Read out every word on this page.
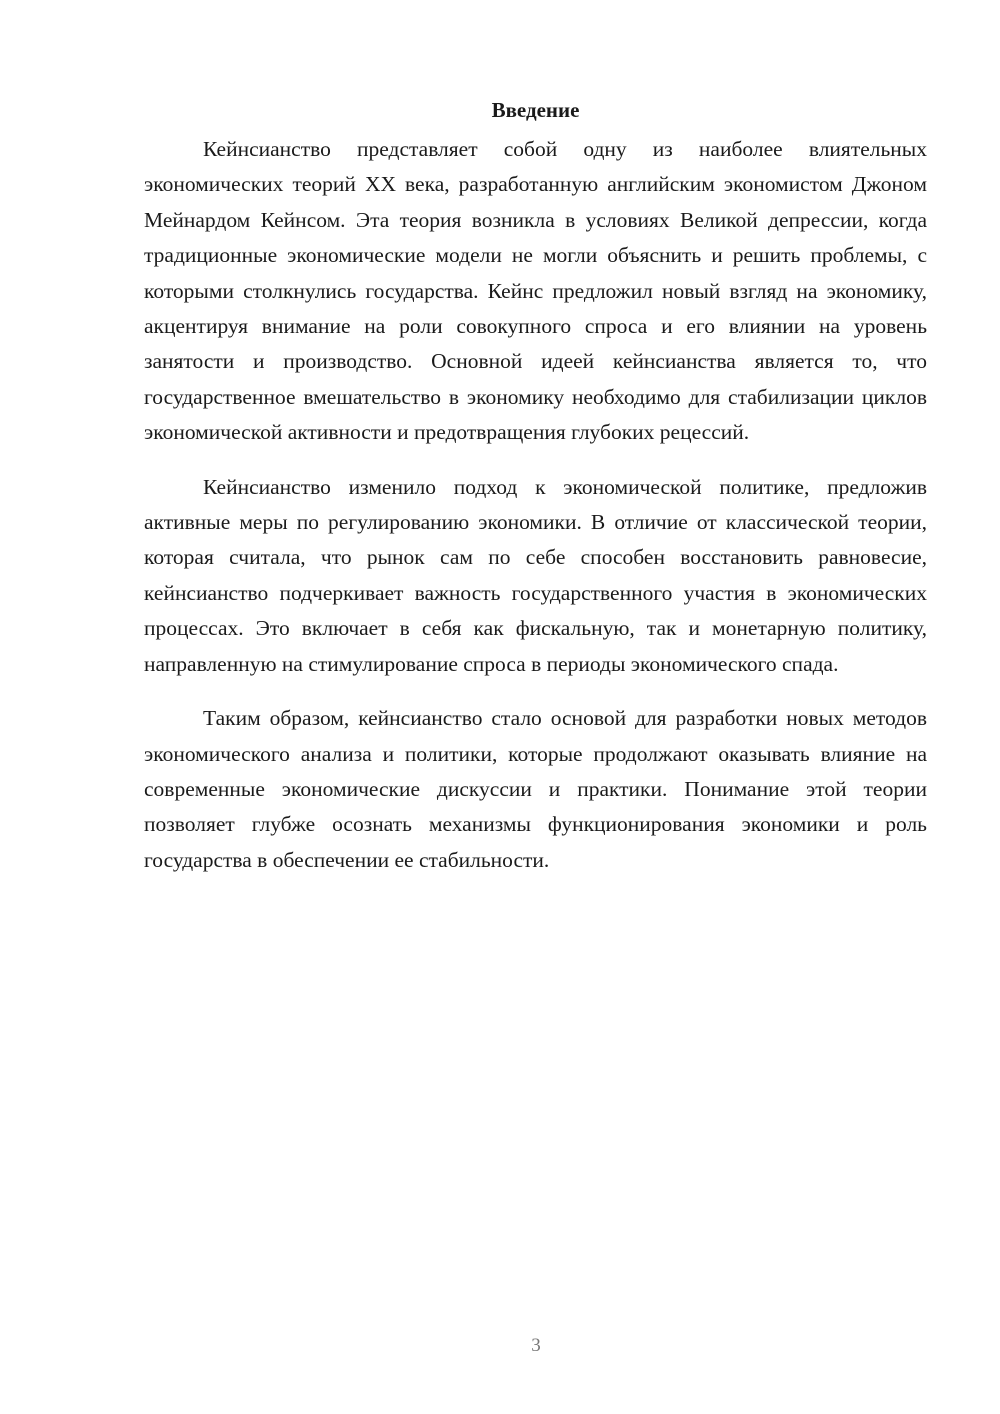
Введение

Кейнсианство представляет собой одну из наиболее влиятельных экономических теорий XX века, разработанную английским экономистом Джоном Мейнардом Кейнсом. Эта теория возникла в условиях Великой депрессии, когда традиционные экономические модели не могли объяснить и решить проблемы, с которыми столкнулись государства. Кейнс предложил новый взгляд на экономику, акцентируя внимание на роли совокупного спроса и его влиянии на уровень занятости и производство. Основной идеей кейнсианства является то, что государственное вмешательство в экономику необходимо для стабилизации циклов экономической активности и предотвращения глубоких рецессий.

Кейнсианство изменило подход к экономической политике, предложив активные меры по регулированию экономики. В отличие от классической теории, которая считала, что рынок сам по себе способен восстановить равновесие, кейнсианство подчеркивает важность государственного участия в экономических процессах. Это включает в себя как фискальную, так и монетарную политику, направленную на стимулирование спроса в периоды экономического спада.

Таким образом, кейнсианство стало основой для разработки новых методов экономического анализа и политики, которые продолжают оказывать влияние на современные экономические дискуссии и практики. Понимание этой теории позволяет глубже осознать механизмы функционирования экономики и роль государства в обеспечении ее стабильности.

3
